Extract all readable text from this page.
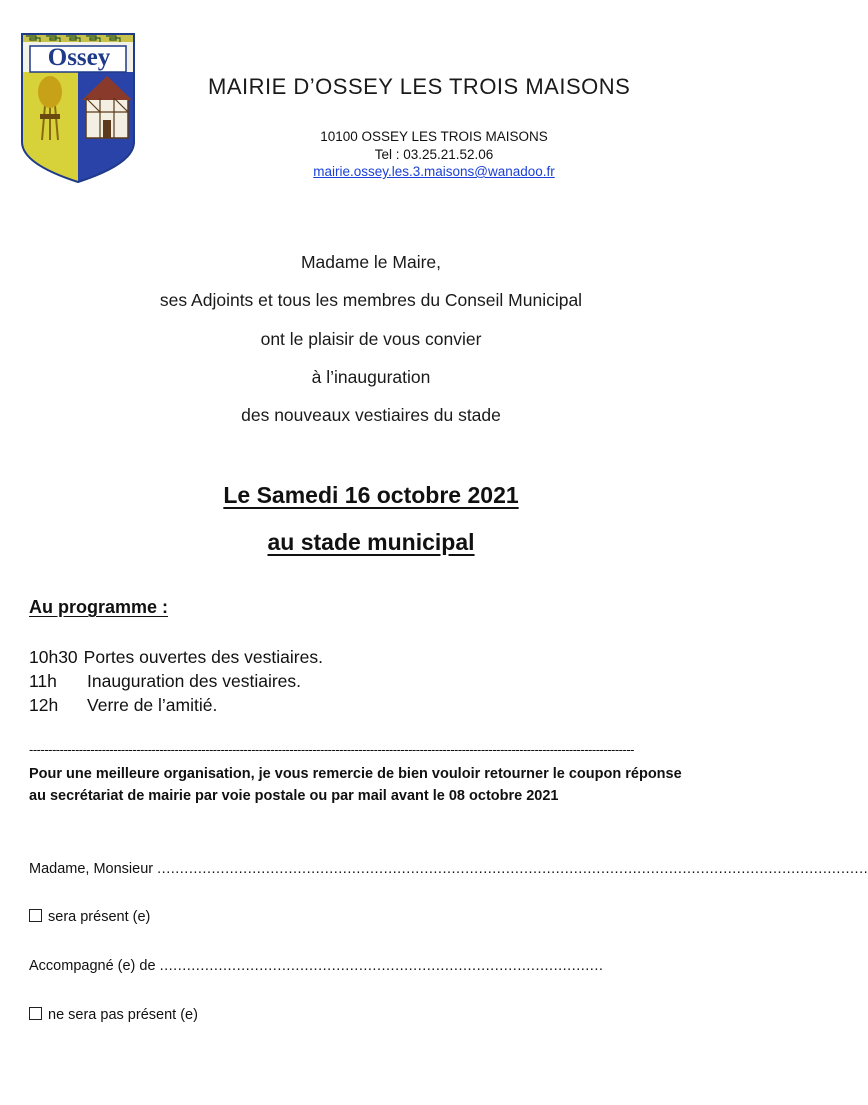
Ossey
MAIRIE D’OSSEY LES TROIS MAISONS
10100 OSSEY LES TROIS MAISONS
Tel : 03.25.21.52.06
mairie.ossey.les.3.maisons@wanadoo.fr
Madame le Maire,
ses Adjoints et tous les membres du Conseil Municipal
ont le plaisir de vous convier
à l’inauguration
des nouveaux vestiaires du stade
Le Samedi 16 octobre 2021
au stade municipal
Au programme :
10h30 Portes ouvertes des vestiaires.
11h Inauguration des vestiaires.
12h Verre de l’amitié.
--------------------------------------------------------------------------------------------------------------------------------------------------------------
Pour une meilleure organisation, je vous remercie de bien vouloir retourner le coupon réponse
au secrétariat de mairie par voie postale ou par mail avant le 08 octobre 2021
Madame, Monsieur .............................................................................................................................................................
sera présent (e)
Accompagné (e) de ..................................................................................................
ne sera pas présent (e)
